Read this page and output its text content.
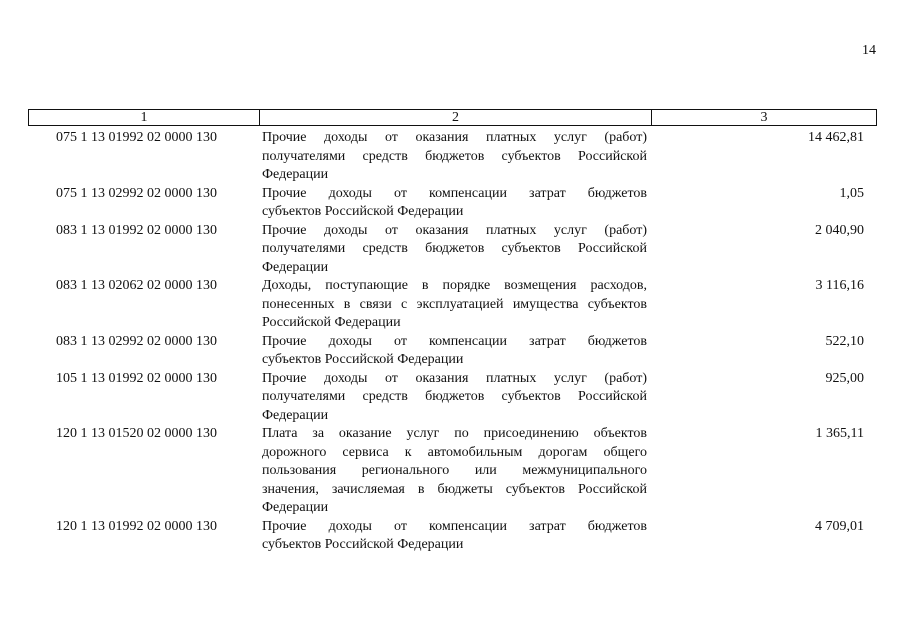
14
1	2	3
075 1 13 01992 02 0000 130	Прочие доходы от оказания платных услуг (работ)
получателями средств бюджетов субъектов Российской
Федерации
14 462,81
075 1 13 02992 02 0000 130	Прочие доходы от компенсации затрат бюджетов
субъектов Российской Федерации
1,05
083 1 13 01992 02 0000 130	Прочие доходы от оказания платных услуг (работ)
получателями средств бюджетов субъектов Российской
Федерации
2 040,90
083 1 13 02062 02 0000 130	Доходы, поступающие в порядке возмещения расходов,
понесенных в связи с эксплуатацией имущества субъектов
Российской Федерации
3 116,16
083 1 13 02992 02 0000 130	Прочие доходы от компенсации затрат бюджетов
субъектов Российской Федерации
522,10
105 1 13 01992 02 0000 130	Прочие доходы от оказания платных услуг (работ)
получателями средств бюджетов субъектов Российской
Федерации
925,00
120 1 13 01520 02 0000 130	Плата за оказание услуг по присоединению объектов
дорожного сервиса к автомобильным дорогам общего
пользования регионального или межмуниципального
значения, зачисляемая в бюджеты субъектов Российской
Федерации
1 365,11
120 1 13 01992 02 0000 130	Прочие доходы от компенсации затрат бюджетов
субъектов Российской Федерации
4 709,01
